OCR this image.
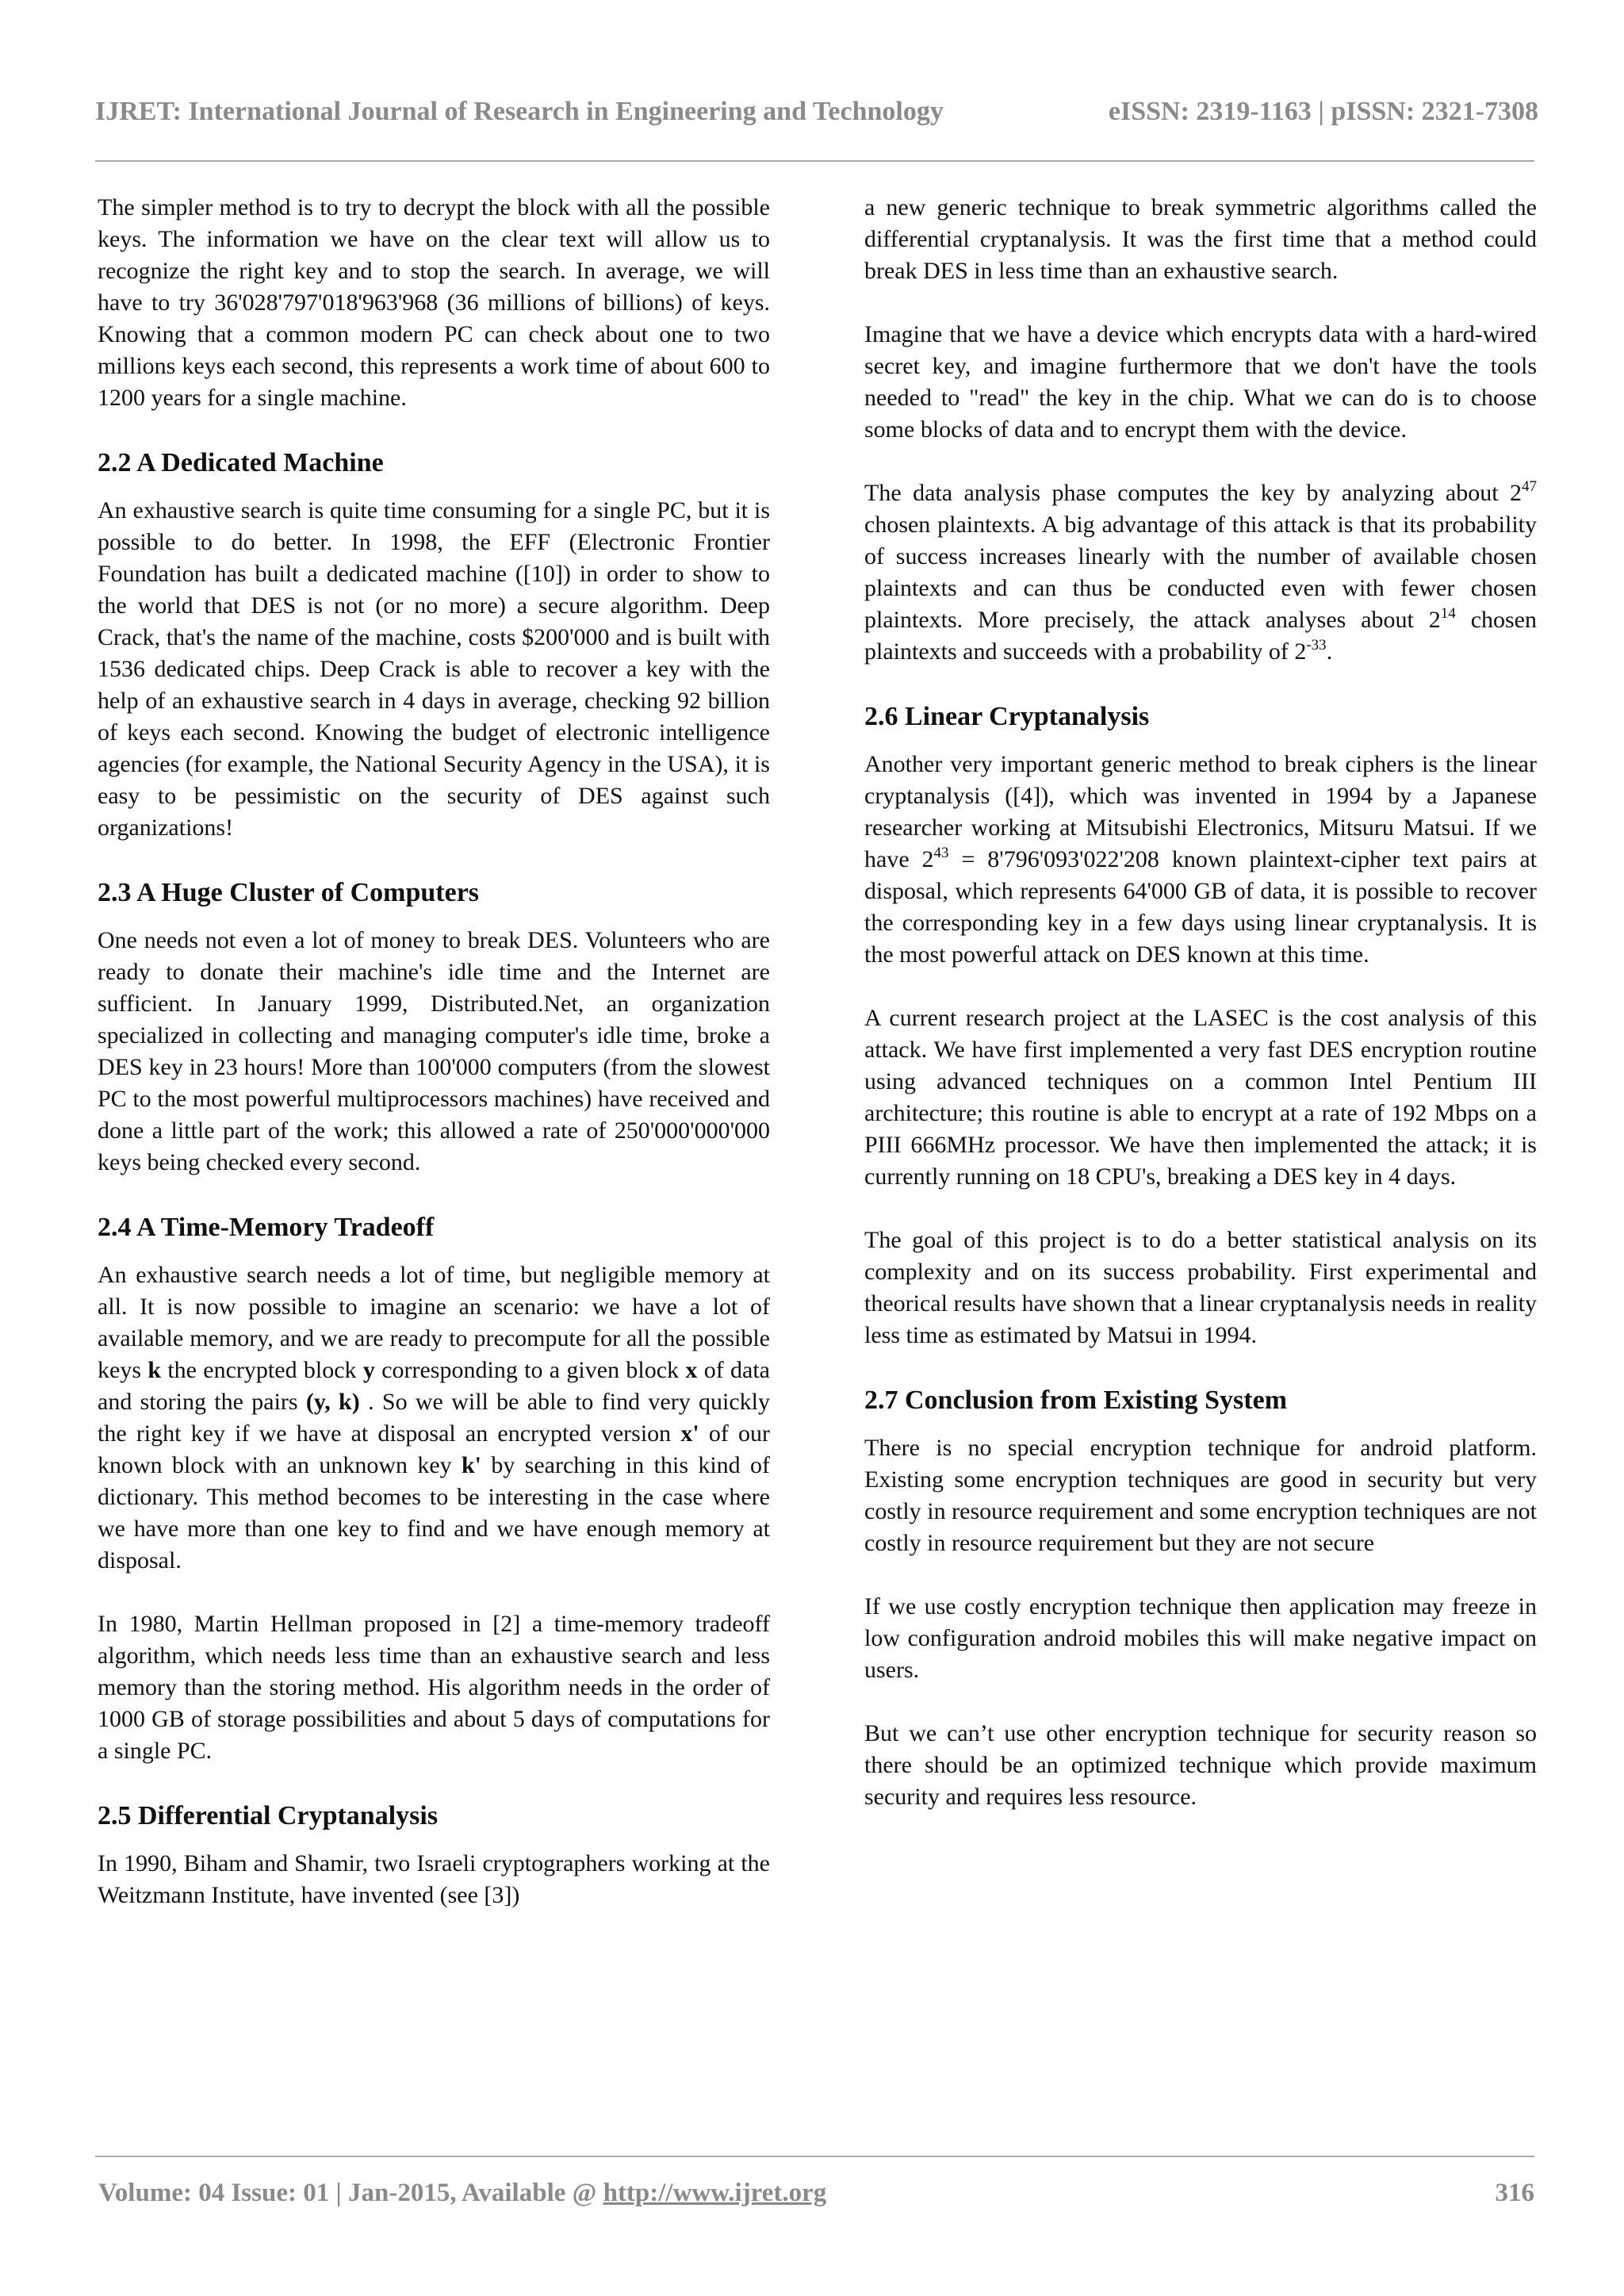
IJRET: International Journal of Research in Engineering and Technology	eISSN: 2319-1163 | pISSN: 2321-7308

The simpler method is to try to decrypt the block with all the possible keys. The information we have on the clear text will allow us to recognize the right key and to stop the search. In average, we will have to try 36'028'797'018'963'968 (36 millions of billions) of keys. Knowing that a common modern PC can check about one to two millions keys each second, this represents a work time of about 600 to 1200 years for a single machine.

2.2 A Dedicated Machine

An exhaustive search is quite time consuming for a single PC, but it is possible to do better. In 1998, the EFF (Electronic Frontier Foundation has built a dedicated machine ([10]) in order to show to the world that DES is not (or no more) a secure algorithm. Deep Crack, that's the name of the machine, costs $200'000 and is built with 1536 dedicated chips. Deep Crack is able to recover a key with the help of an exhaustive search in 4 days in average, checking 92 billion of keys each second. Knowing the budget of electronic intelligence agencies (for example, the National Security Agency in the USA), it is easy to be pessimistic on the security of DES against such organizations!

2.3 A Huge Cluster of Computers

One needs not even a lot of money to break DES. Volunteers who are ready to donate their machine's idle time and the Internet are sufficient. In January 1999, Distributed.Net, an organization specialized in collecting and managing computer's idle time, broke a DES key in 23 hours! More than 100'000 computers (from the slowest PC to the most powerful multiprocessors machines) have received and done a little part of the work; this allowed a rate of 250'000'000'000 keys being checked every second.

2.4 A Time-Memory Tradeoff

An exhaustive search needs a lot of time, but negligible memory at all. It is now possible to imagine an scenario: we have a lot of available memory, and we are ready to precompute for all the possible keys k the encrypted block y corresponding to a given block x of data and storing the pairs (y, k) . So we will be able to find very quickly the right key if we have at disposal an encrypted version x' of our known block with an unknown key k' by searching in this kind of dictionary. This method becomes to be interesting in the case where we have more than one key to find and we have enough memory at disposal.

In 1980, Martin Hellman proposed in [2] a time-memory tradeoff algorithm, which needs less time than an exhaustive search and less memory than the storing method. His algorithm needs in the order of 1000 GB of storage possibilities and about 5 days of computations for a single PC.

2.5 Differential Cryptanalysis

In 1990, Biham and Shamir, two Israeli cryptographers working at the Weitzmann Institute, have invented (see [3])

a new generic technique to break symmetric algorithms called the differential cryptanalysis. It was the first time that a method could break DES in less time than an exhaustive search.

Imagine that we have a device which encrypts data with a hard-wired secret key, and imagine furthermore that we don't have the tools needed to "read" the key in the chip. What we can do is to choose some blocks of data and to encrypt them with the device.

The data analysis phase computes the key by analyzing about $2^{47}$ chosen plaintexts. A big advantage of this attack is that its probability of success increases linearly with the number of available chosen plaintexts and can thus be conducted even with fewer chosen plaintexts. More precisely, the attack analyses about $2^{14}$ chosen plaintexts and succeeds with a probability of $2^{-33}$.

2.6 Linear Cryptanalysis

Another very important generic method to break ciphers is the linear cryptanalysis ([4]), which was invented in 1994 by a Japanese researcher working at Mitsubishi Electronics, Mitsuru Matsui. If we have $2^{43} = 8'796'093'022'208$ known plaintext-cipher text pairs at disposal, which represents 64'000 GB of data, it is possible to recover the corresponding key in a few days using linear cryptanalysis. It is the most powerful attack on DES known at this time.

A current research project at the LASEC is the cost analysis of this attack. We have first implemented a very fast DES encryption routine using advanced techniques on a common Intel Pentium III architecture; this routine is able to encrypt at a rate of 192 Mbps on a PIII 666MHz processor. We have then implemented the attack; it is currently running on 18 CPU's, breaking a DES key in 4 days.

The goal of this project is to do a better statistical analysis on its complexity and on its success probability. First experimental and theorical results have shown that a linear cryptanalysis needs in reality less time as estimated by Matsui in 1994.

2.7 Conclusion from Existing System

There is no special encryption technique for android platform. Existing some encryption techniques are good in security but very costly in resource requirement and some encryption techniques are not costly in resource requirement but they are not secure

If we use costly encryption technique then application may freeze in low configuration android mobiles this will make negative impact on users.

But we can’t use other encryption technique for security reason so there should be an optimized technique which provide maximum security and requires less resource.

Volume: 04 Issue: 01 | Jan-2015, Available @ http://www.ijret.org	316
